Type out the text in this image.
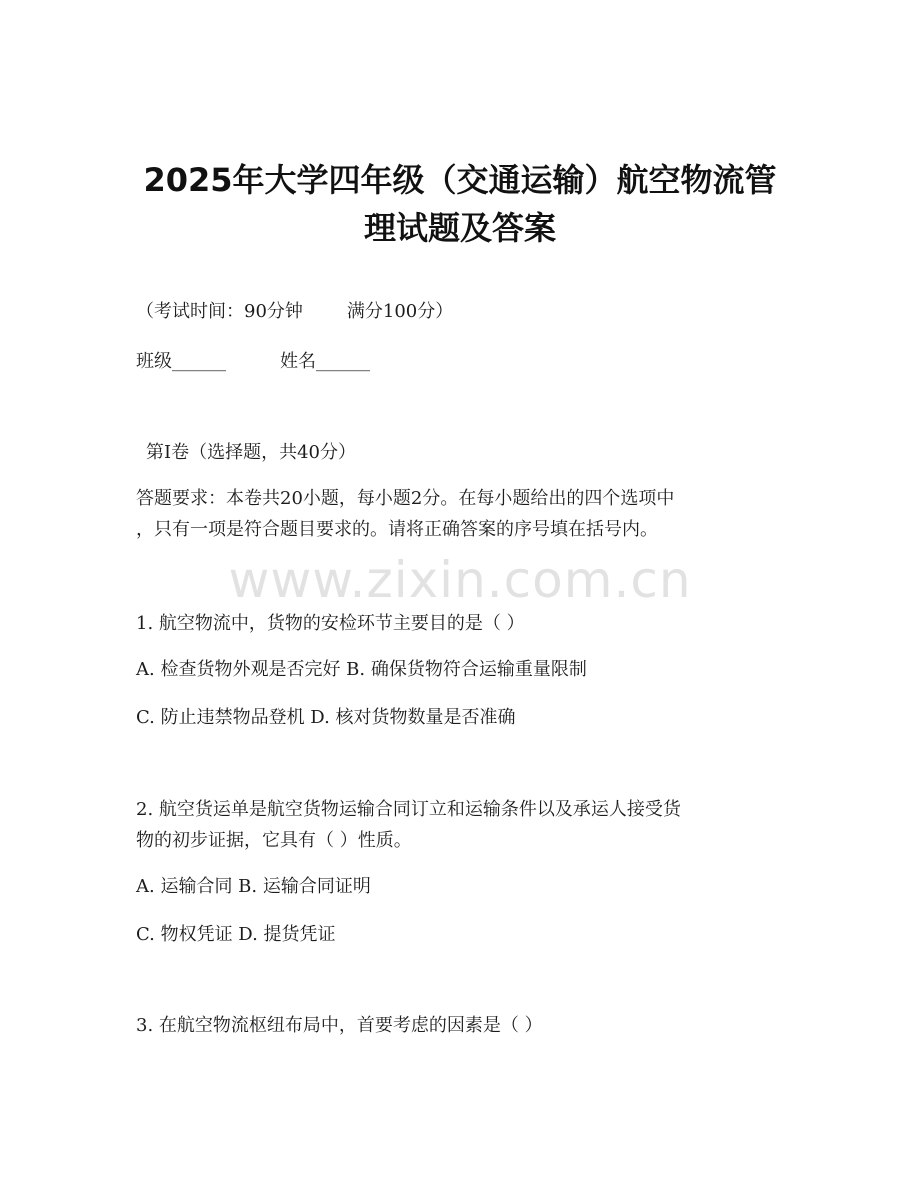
2025年大学四年级（交通运输）航空物流管
理试题及答案
（考试时间：90分钟 满分100分）
班级______	姓名______
第I卷（选择题，共40分）
答题要求：本卷共20小题，每小题2分。在每小题给出的四个选项中
，只有一项是符合题目要求的。请将正确答案的序号填在括号内。
www.zixin.com.cn
1. 航空物流中，货物的安检环节主要目的是（ ）
A. 检查货物外观是否完好 B. 确保货物符合运输重量限制
C. 防止违禁物品登机 D. 核对货物数量是否准确
2. 航空货运单是航空货物运输合同订立和运输条件以及承运人接受货
物的初步证据，它具有（ ）性质。
A. 运输合同 B. 运输合同证明
C. 物权凭证 D. 提货凭证
3. 在航空物流枢纽布局中，首要考虑的因素是（ ）
